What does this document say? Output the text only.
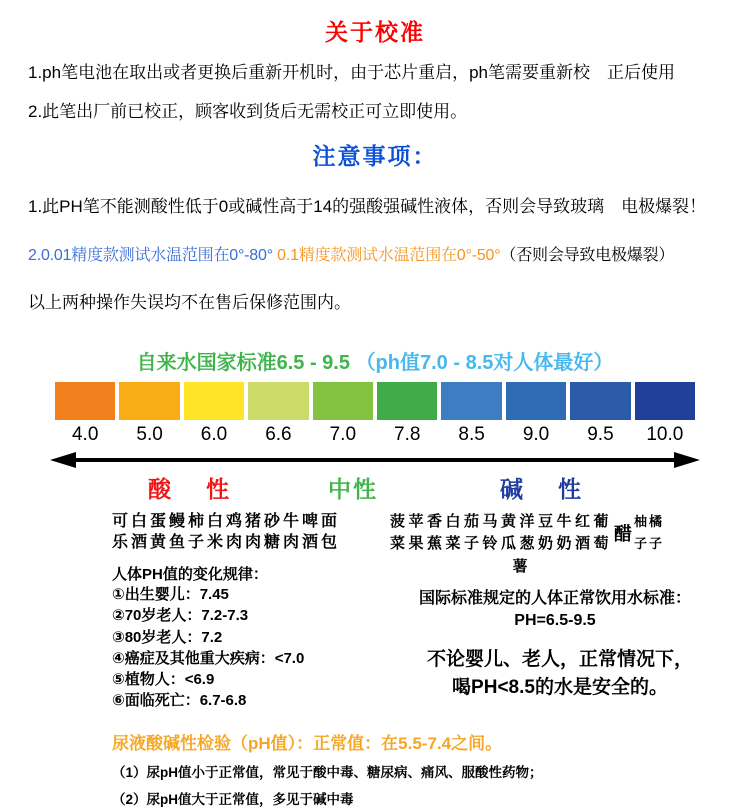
关于校准

1.ph笔电池在取出或者更换后重新开机时，由于芯片重启，ph笔需要重新校　正后使用

2.此笔出厂前已校正，顾客收到货后无需校正可立即使用。

注意事项：

1.此PH笔不能测酸性低于0或碱性高于14的强酸强碱性液体，否则会导致玻璃　电极爆裂！

2.0.01精度款测试水温范围在0°-80° 0.1精度款测试水温范围在0°-50°（否则会导致电极爆裂）

以上两种操作失误均不在售后保修范围内。

自来水国家标准6.5 - 9.5 （ph值7.0 - 8.5对人体最好）
4.0	5.0	6.0	6.6	7.0	7.8	8.5	9.0	9.5	10.0
酸　性	中性	碱　性
可白蛋鳗柿白鸡猪砂牛啤面
乐酒黄鱼子米肉肉糖肉酒包
人体PH值的变化规律：
①出生婴儿：7.45
②70岁老人：7.2-7.3
③80岁老人：7.2
④癌症及其他重大疾病：<7.0
⑤植物人：<6.9
⑥面临死亡：6.7-6.8
菠苹香白茄马黄洋豆牛红葡
菜果蕉菜子铃瓜葱奶奶酒萄 醋
柚橘
子子
薯
国际标准规定的人体正常饮用水标准：
PH=6.5-9.5
不论婴儿、老人，正常情况下，
喝PH<8.5的水是安全的。
尿液酸碱性检验（pH值）：正常值：在5.5-7.4之间。
（1）尿pH值小于正常值，常见于酸中毒、糖尿病、痛风、服酸性药物；
（2）尿pH值大于正常值，多见于碱中毒
